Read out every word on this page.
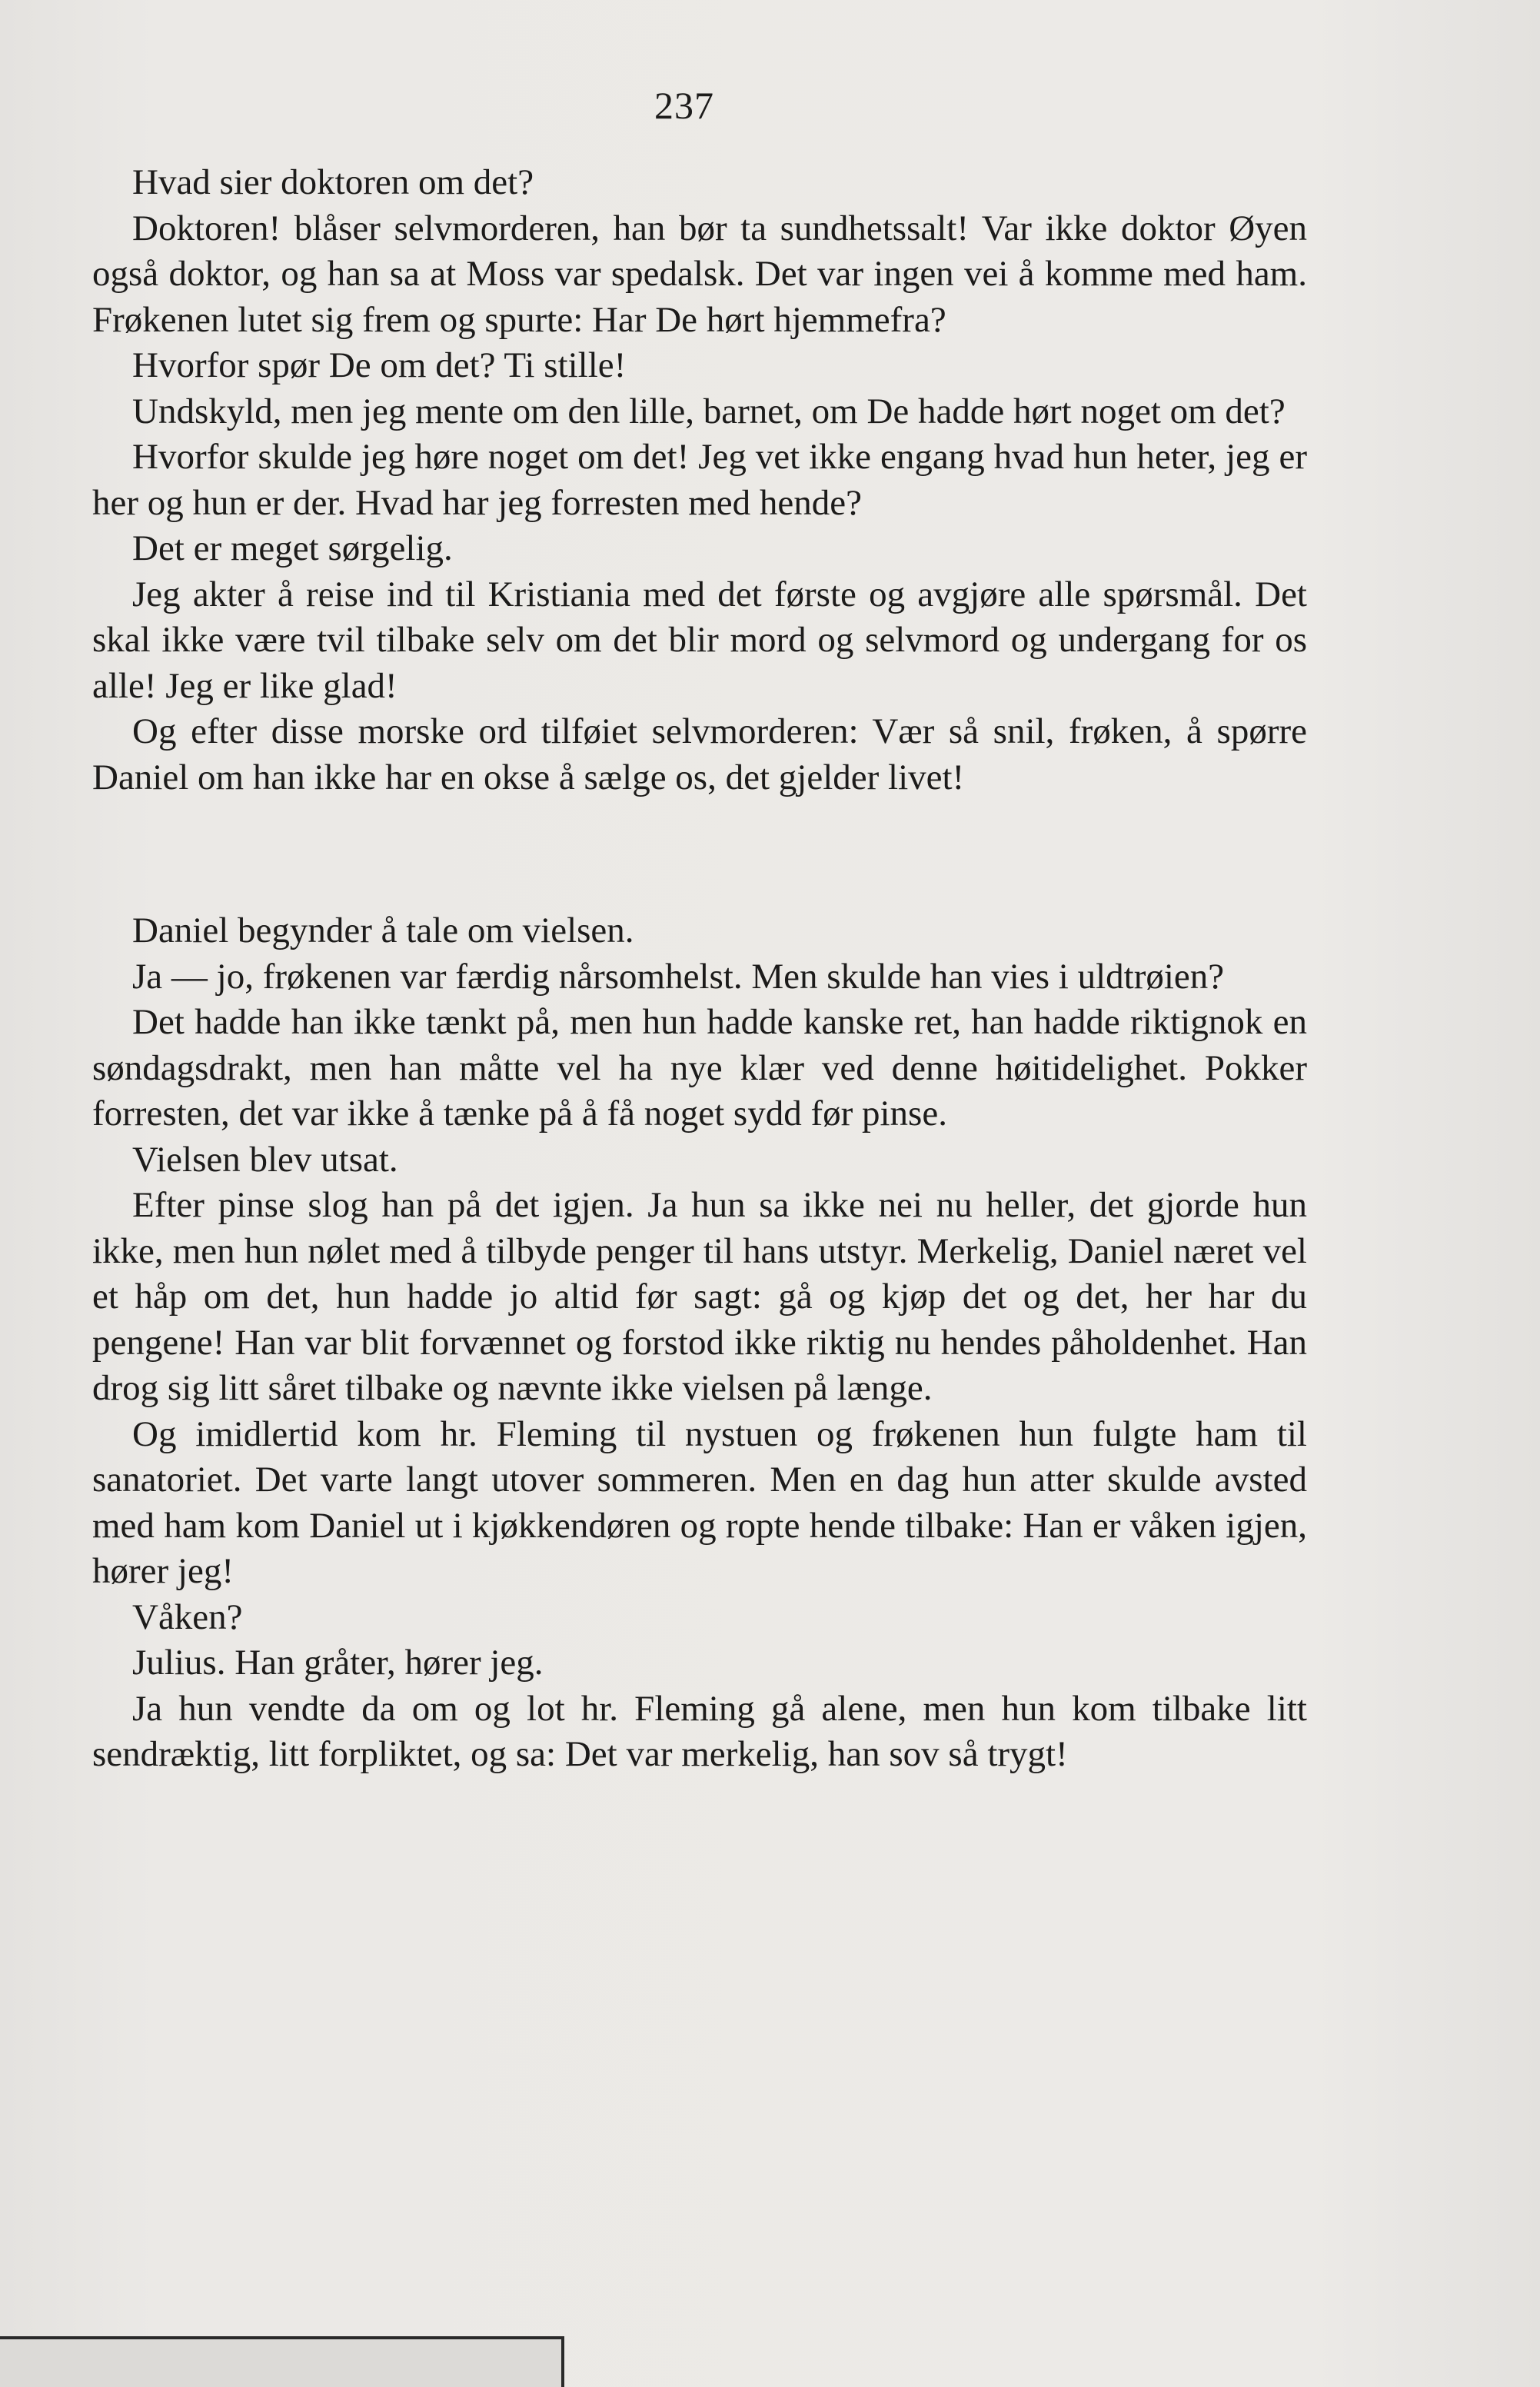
237

Hvad sier doktoren om det?

Doktoren! blåser selvmorderen, han bør ta sundhetssalt! Var ikke doktor Øyen også doktor, og han sa at Moss var spedalsk. Det var ingen vei å komme med ham. Frøkenen lutet sig frem og spurte: Har De hørt hjemmefra?

Hvorfor spør De om det? Ti stille!

Undskyld, men jeg mente om den lille, barnet, om De hadde hørt noget om det?

Hvorfor skulde jeg høre noget om det! Jeg vet ikke engang hvad hun heter, jeg er her og hun er der. Hvad har jeg forresten med hende?

Det er meget sørgelig.

Jeg akter å reise ind til Kristiania med det første og avgjøre alle spørsmål. Det skal ikke være tvil tilbake selv om det blir mord og selvmord og undergang for os alle! Jeg er like glad!

Og efter disse morske ord tilføiet selvmorderen: Vær så snil, frøken, å spørre Daniel om han ikke har en okse å sælge os, det gjelder livet!

Daniel begynder å tale om vielsen.

Ja — jo, frøkenen var færdig nårsomhelst. Men skulde han vies i uldtrøien?

Det hadde han ikke tænkt på, men hun hadde kanske ret, han hadde riktignok en søndagsdrakt, men han måtte vel ha nye klær ved denne høitidelighet. Pokker forresten, det var ikke å tænke på å få noget sydd før pinse.

Vielsen blev utsat.

Efter pinse slog han på det igjen. Ja hun sa ikke nei nu heller, det gjorde hun ikke, men hun nølet med å tilbyde penger til hans utstyr. Merkelig, Daniel næret vel et håp om det, hun hadde jo altid før sagt: gå og kjøp det og det, her har du pengene! Han var blit forvænnet og forstod ikke riktig nu hendes påholdenhet. Han drog sig litt såret tilbake og nævnte ikke vielsen på længe.

Og imidlertid kom hr. Fleming til nystuen og frøkenen hun fulgte ham til sanatoriet. Det varte langt utover sommeren. Men en dag hun atter skulde avsted med ham kom Daniel ut i kjøkkendøren og ropte hende tilbake: Han er våken igjen, hører jeg!

Våken?

Julius. Han gråter, hører jeg.

Ja hun vendte da om og lot hr. Fleming gå alene, men hun kom tilbake litt sendræktig, litt forpliktet, og sa: Det var merkelig, han sov så trygt!
